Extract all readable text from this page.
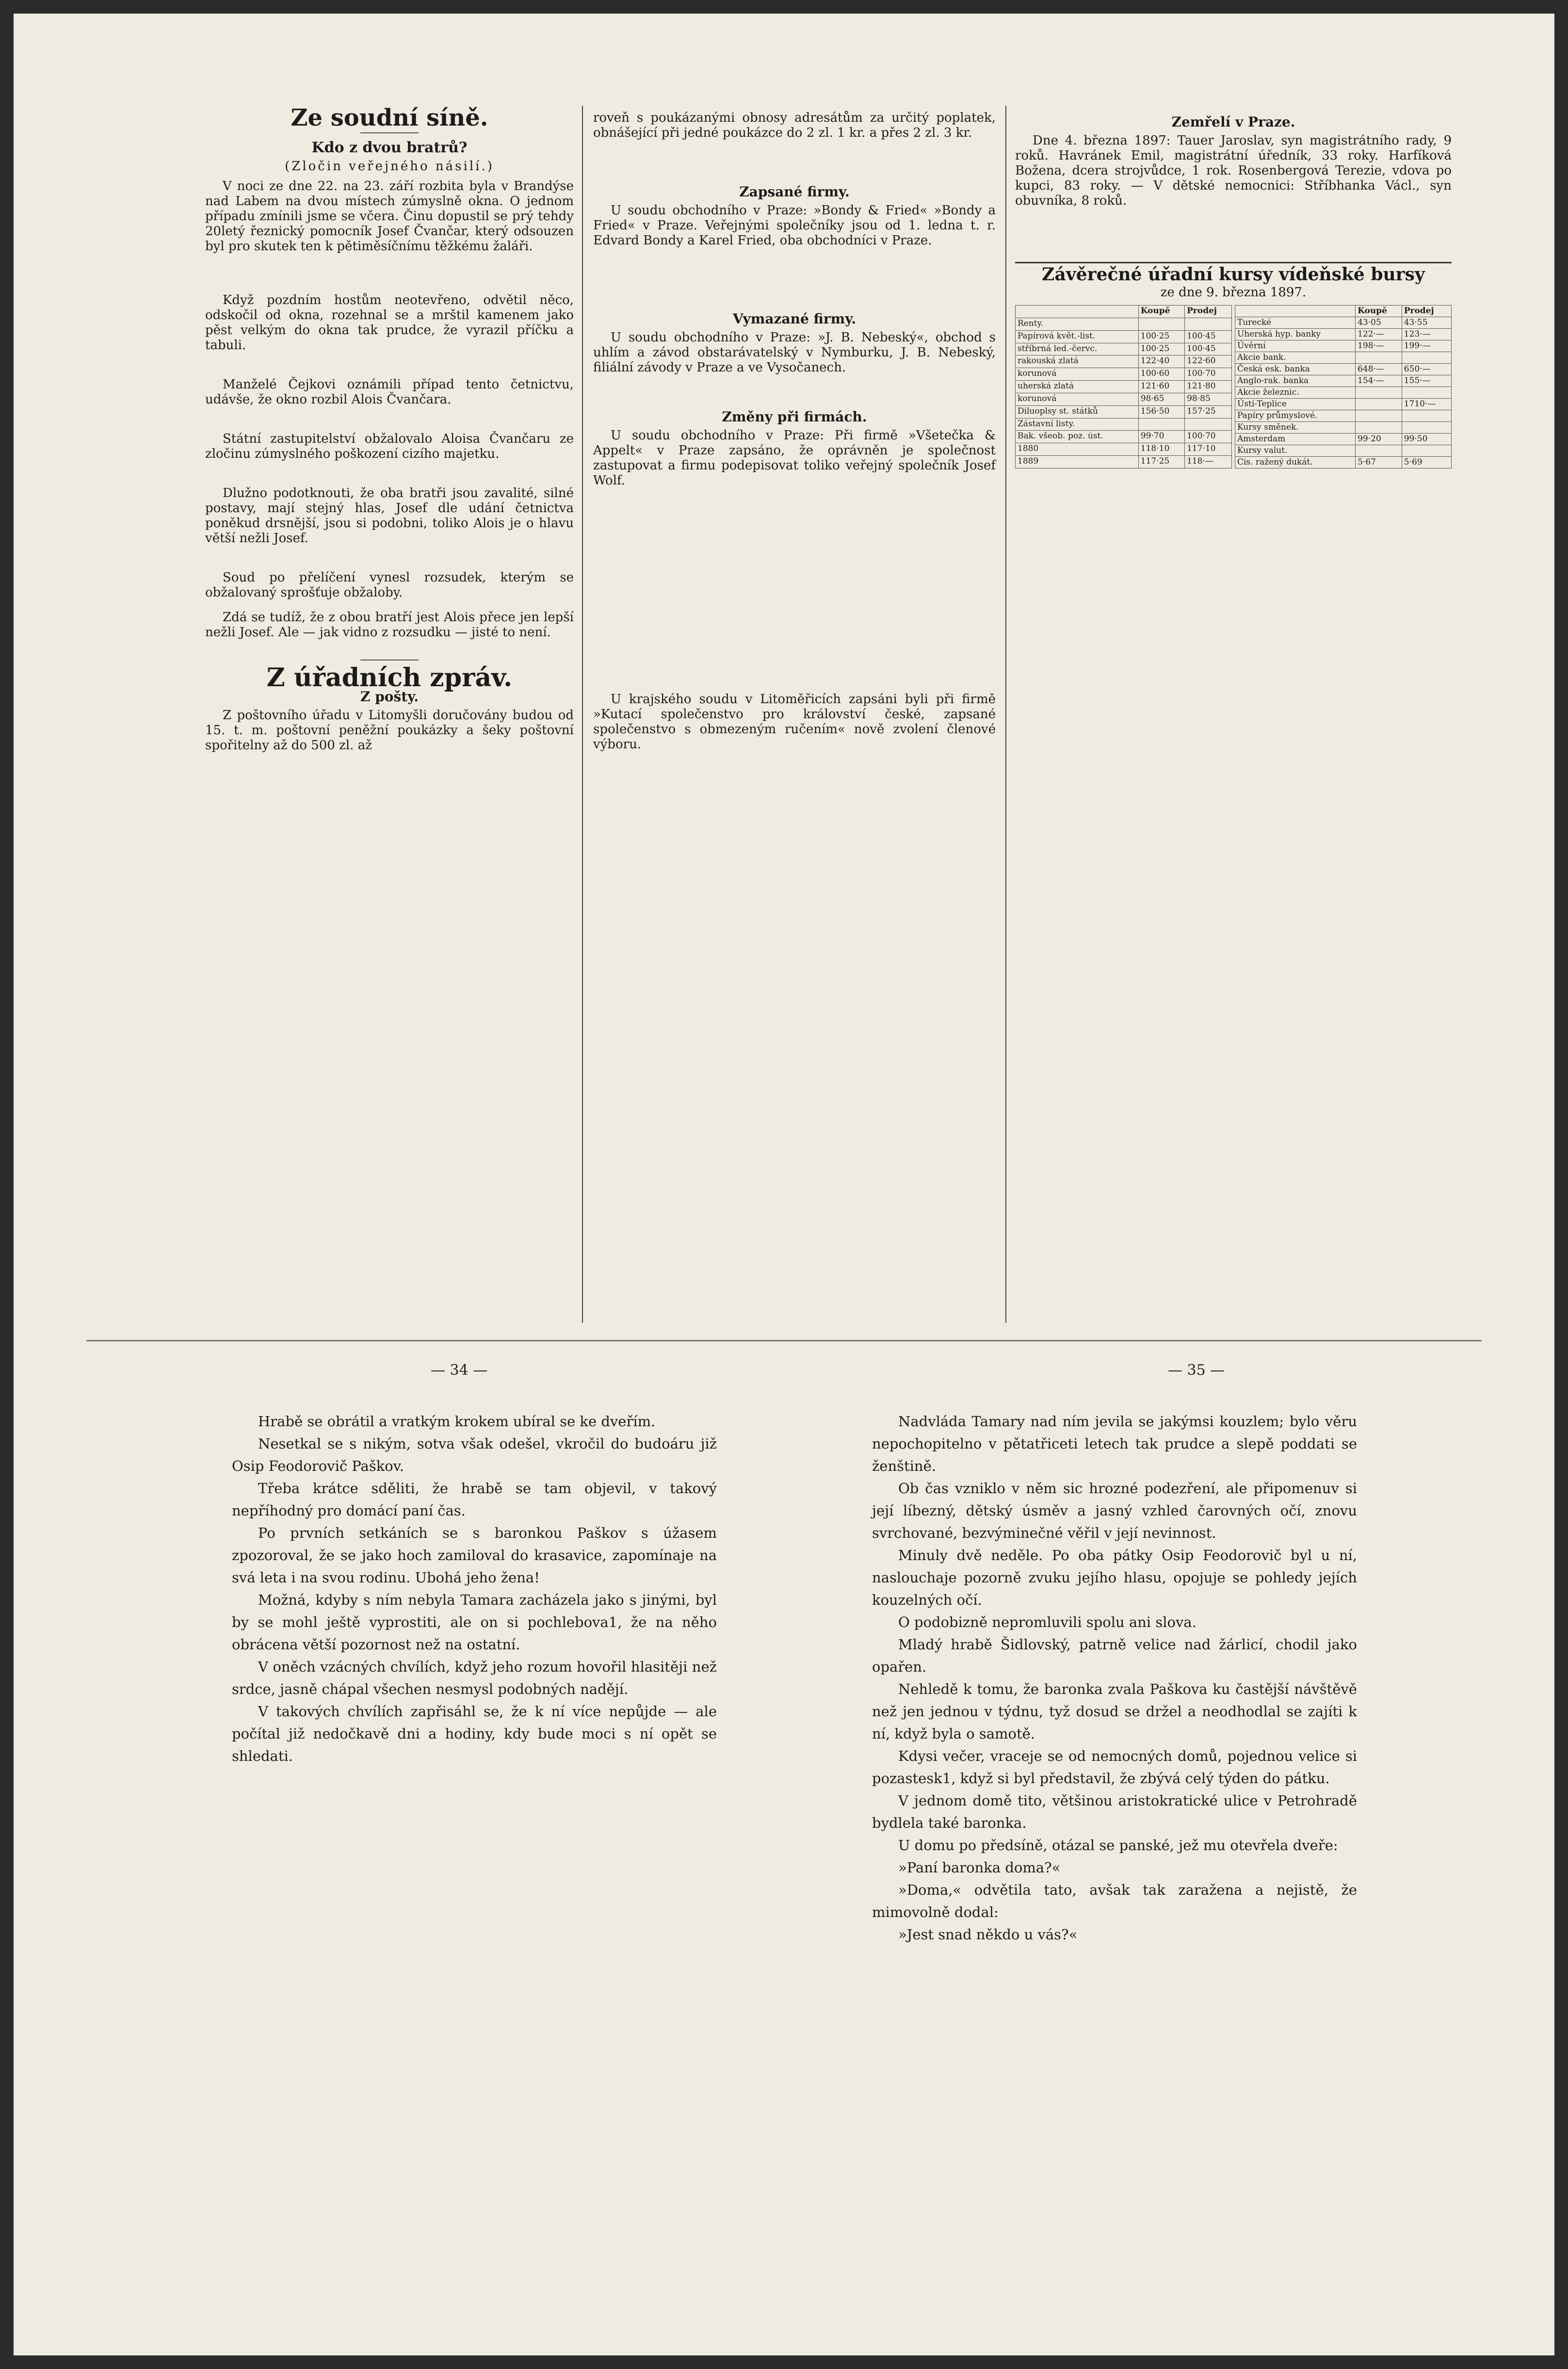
Ze soudní síně.
Kdo z dvou bratrů?
(Zločin veřejného násilí.)

V noci ze dne 22. na 23. září rozbita byla v Brandýse nad Labem na dvou místech zúmyslně okna. O jednom případu zmínili jsme se včera. Činu dopustil se prý tehdy 20letý řeznický pomocník Josef Čvančar, který odsouzen byl pro skutek ten k pětiměsíčnímu těžkému žaláři.

Když pozdním hostům neotevřeno, odvětil něco, odskočil od okna, rozehnal se a mrštil kamenem jako pěst velkým do okna tak prudce, že vyrazil příčku a tabuli.

Manželé Čejkovi oznámili případ tento četnictvu, udávše, že okno rozbil Alois Čvančara.

Státní zastupitelství obžalovalo Aloisa Čvančaru ze zločinu zúmyslného poškození cizího majetku.

Dlužno podotknouti, že oba bratři jsou zavalité, silné postavy, mají stejný hlas, Josef dle udání četnictva poněkud drsnější, jsou si podobni, toliko Alois je o hlavu větší nežli Josef.

Soud po přelíčení vynesl rozsudek, kterým se obžalovaný sprošťuje obžaloby.

Zdá se tudíž, že z obou bratří jest Alois přece jen lepší nežli Josef. Ale — jak vidno z rozsudku — jisté to není.

Z úřadních zpráv.
Z pošty.

Z poštovního úřadu v Litomyšli doručovány budou od 15. t. m. poštovní peněžní poukázky a šeky poštovní spořitelny až do 500 zl. až

roveň s poukázanými obnosy adresátům za určitý poplatek, obnášející při jedné poukázce do 2 zl. 1 kr. a přes 2 zl. 3 kr.

Zapsané firmy.

U soudu obchodního v Praze: »Bondy & Fried« »Bondy a Fried« v Praze. Veřejnými společníky jsou od 1. ledna t. r. Edvard Bondy a Karel Fried, oba obchodníci v Praze.

Vymazané firmy.

U soudu obchodního v Praze: »J. B. Nebeský«, obchod s uhlím a závod obstarávatelský v Nymburku, J. B. Nebeský, filiální závody v Praze a ve Vysočanech.

Změny při firmách.

U soudu obchodního v Praze: Při firmě »Všetečka & Appelt« v Praze zapsáno, že oprávněn je společnost zastupovat a firmu podepisovat toliko veřejný společník Josef Wolf.

U krajského soudu v Litoměřicích zapsáni byli při firmě »Kutací společenstvo pro království české, zapsané společenstvo s obmezeným ručením« nově zvolení členové výboru.

Zemřelí v Praze.

Dne 4. března 1897: Tauer Jaroslav, syn magistrátního rady, 9 roků. Havránek Emil, magistrátní úředník, 33 roky. Harfíková Božena, dcera strojvůdce, 1 rok. Rosenbergová Terezie, vdova po kupci, 83 roky. — V dětské nemocnici: Stříbhanka Václ., syn obuvníka, 8 roků.

Závěrečné úřadní kursy vídeňské bursy
ze dne 9. března 1897.
	Koupě	Prodej
Renty.		
Papírová květ.-list.	100·25	100·45
stříbrná led.-červc.	100·25	100·45
rakouská zlatá	122·40	122·60
korunová	100·60	100·70
uherská zlatá	121·60	121·80
korunová	98·65	98·85
Diluoplsy st. státků	156·50	157·25
Zástavní listy.		
Bak. všeob. poz. úst.	99·70	100·70
1880	118·10	117·10
1889	117·25	118·—
	Koupě	Prodej
Turecké	43·05	43·55
Uherská hyp. banky	122·—	123·—
Úvěrní	198·—	199·—
Akcie bank.		
Česká esk. banka	648·—	650·—
Anglo-rak. banka	154·—	155·—
Akcie železnic.		
Ústí-Teplice		1710·—
Papíry průmyslové.		
Kursy směnek.		
Amsterdam	99·20	99·50
Kursy valut.		
Cis. ražený dukát.	5·67	5·69
— 34 —	— 35 —

Hrabě se obrátil a vratkým krokem ubíral se ke dveřím.

Nesetkal se s nikým, sotva však odešel, vkročil do budoáru již Osip Feodorovič Paškov.

Třeba krátce sděliti, že hrabě se tam objevil, v takový nepříhodný pro domácí paní čas.

Po prvních setkáních se s baronkou Paškov s úžasem zpozoroval, že se jako hoch zamiloval do krasavice, zapomínaje na svá leta i na svou rodinu. Ubohá jeho žena!

Možná, kdyby s ním nebyla Tamara zacházela jako s jinými, byl by se mohl ještě vyprostiti, ale on si pochlebova1, že na něho obrácena větší pozornost než na ostatní.

V oněch vzácných chvílích, když jeho rozum hovořil hlasitěji než srdce, jasně chápal všechen nesmysl podobných nadějí.

V takových chvílích zapřisáhl se, že k ní více nepůjde — ale počítal již nedočkavě dni a hodiny, kdy bude moci s ní opět se shledati.

Nadvláda Tamary nad ním jevila se jakýmsi kouzlem; bylo věru nepochopitelno v pětatřiceti letech tak prudce a slepě poddati se ženštině.

Ob čas vzniklo v něm sic hrozné podezření, ale připomenuv si její líbezný, dětský úsměv a jasný vzhled čarovných očí, znovu svrchované, bezvýminečné věřil v její nevinnost.

Minuly dvě neděle. Po oba pátky Osip Feodorovič byl u ní, naslouchaje pozorně zvuku jejího hlasu, opojuje se pohledy jejích kouzelných očí.

O podobizně nepromluvili spolu ani slova.

Mladý hrabě Šidlovský, patrně velice nad žárlicí, chodil jako opařen.

Nehledě k tomu, že baronka zvala Paškova ku častější návštěvě než jen jednou v týdnu, tyž dosud se držel a neodhodlal se zajíti k ní, když byla o samotě.

Kdysi večer, vraceje se od nemocných domů, pojednou velice si pozastesk1, když si byl představil, že zbývá celý týden do pátku.

V jednom domě tito, většinou aristokratické ulice v Petrohradě bydlela také baronka.

U domu po předsíně, otázal se panské, jež mu otevřela dveře:

»Paní baronka doma?«

»Doma,« odvětila tato, avšak tak zaražena a nejistě, že mimovolně dodal:

»Jest snad někdo u vás?«
